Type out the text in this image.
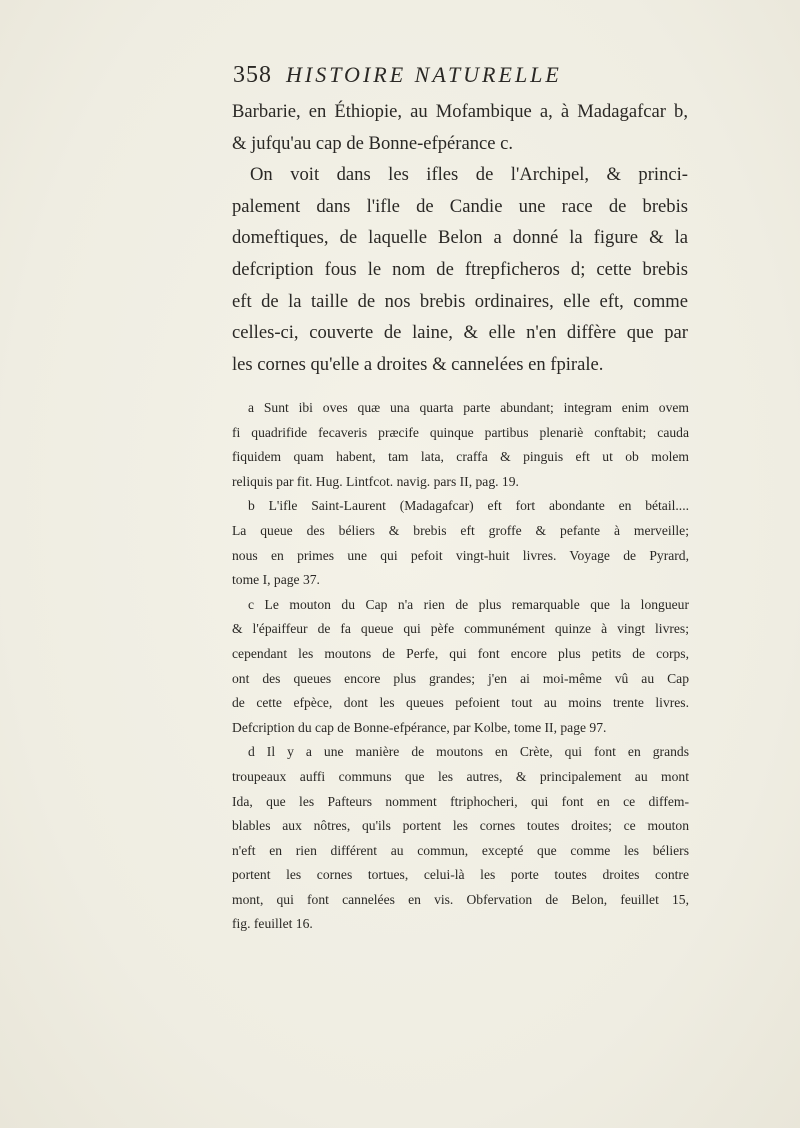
358 HISTOIRE NATURELLE
Barbarie, en Éthiopie, au Mofambique a, à Madagafcar b,
& jufqu'au cap de Bonne-efpérance c.
On voit dans les ifles de l'Archipel, & princi-
palement dans l'ifle de Candie une race de brebis
domeftiques, de laquelle Belon a donné la figure & la
defcription fous le nom de ftrepficheros d; cette brebis
eft de la taille de nos brebis ordinaires, elle eft, comme
celles-ci, couverte de laine, & elle n'en diffère que par
les cornes qu'elle a droites & cannelées en fpirale.
a Sunt ibi oves quæ una quarta parte abundant; integram enim ovem
fi quadrifide fecaveris præcife quinque partibus plenariè conftabit; cauda
fiquidem quam habent, tam lata, craffa & pinguis eft ut ob molem
reliquis par fit. Hug. Lintfcot. navig. pars II, pag. 19.
b L'ifle Saint-Laurent (Madagafcar) eft fort abondante en bétail....
La queue des béliers & brebis eft groffe & pefante à merveille;
nous en primes une qui pefoit vingt-huit livres. Voyage de Pyrard,
tome I, page 37.
c Le mouton du Cap n'a rien de plus remarquable que la longueur
& l'épaiffeur de fa queue qui pèfe communément quinze à vingt livres;
cependant les moutons de Perfe, qui font encore plus petits de corps,
ont des queues encore plus grandes; j'en ai moi-même vû au Cap
de cette efpèce, dont les queues pefoient tout au moins trente livres.
Defcription du cap de Bonne-efpérance, par Kolbe, tome II, page 97.
d Il y a une manière de moutons en Crète, qui font en grands
troupeaux auffi communs que les autres, & principalement au mont
Ida, que les Pafteurs nomment ftriphocheri, qui font en ce diffem-
blables aux nôtres, qu'ils portent les cornes toutes droites; ce mouton
n'eft en rien différent au commun, excepté que comme les béliers
portent les cornes tortues, celui-là les porte toutes droites contre
mont, qui font cannelées en vis. Obfervation de Belon, feuillet 15,
fig. feuillet 16.
